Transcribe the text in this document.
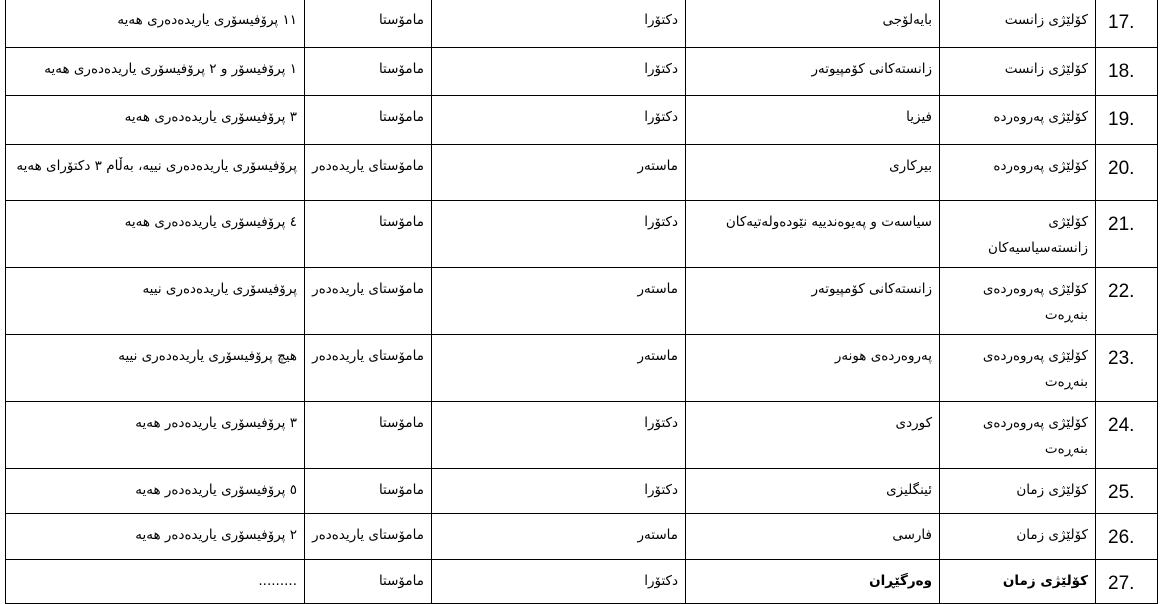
17.	کۆلێژی زانست	بایەلۆجی	دکتۆرا	مامۆستا	١١ پرۆفیسۆری یاریدەدەری هەیە
18.	کۆلێژی زانست	زانستەکانی کۆمپیوتەر	دکتۆرا	مامۆستا	١ پرۆفیسۆر و ٢ پرۆفیسۆری یاریدەدەری هەیە
19.	کۆلێژی پەروەردە	فیزیا	دکتۆرا	مامۆستا	٣ پرۆفیسۆری یاریدەدەری هەیە
20.	کۆلێژی پەروەردە	بیرکاری	ماستەر	مامۆستای یاریدەدەر	پرۆفیسۆری یاریدەدەری نییە، بەڵام ٣ دکتۆرای هەیە
21.	کۆلێژی زانستەسیاسیەکان	سیاسەت و پەیوەندییە نێودەولەتیەکان	دکتۆرا	مامۆستا	٤ پرۆفیسۆری یاریدەدەری هەیە
22.	کۆلێژی پەروەردەی بنەڕەت	زانستەکانی کۆمپیوتەر	ماستەر	مامۆستای یاریدەدەر	پرۆفیسۆری یاریدەدەری نییە
23.	کۆلێژی پەروەردەی بنەڕەت	پەروەردەی هونەر	ماستەر	مامۆستای یاریدەدەر	هیچ پرۆفیسۆری یاریدەدەری نییە
24.	کۆلێژی پەروەردەی بنەڕەت	کوردی	دکتۆرا	مامۆستا	٣ پرۆفیسۆری یاریدەدەر هەیە
25.	کۆلێژی زمان	ئینگلیزی	دکتۆرا	مامۆستا	٥ پرۆفیسۆری یاریدەدەر هەیە
26.	کۆلێژی زمان	فارسی	ماستەر	مامۆستای یاریدەدەر	٢ پرۆفیسۆری یاریدەدەر هەیە
27.	کۆلێژی زمان	وەرگێڕان	دکتۆرا	مامۆستا	.........
